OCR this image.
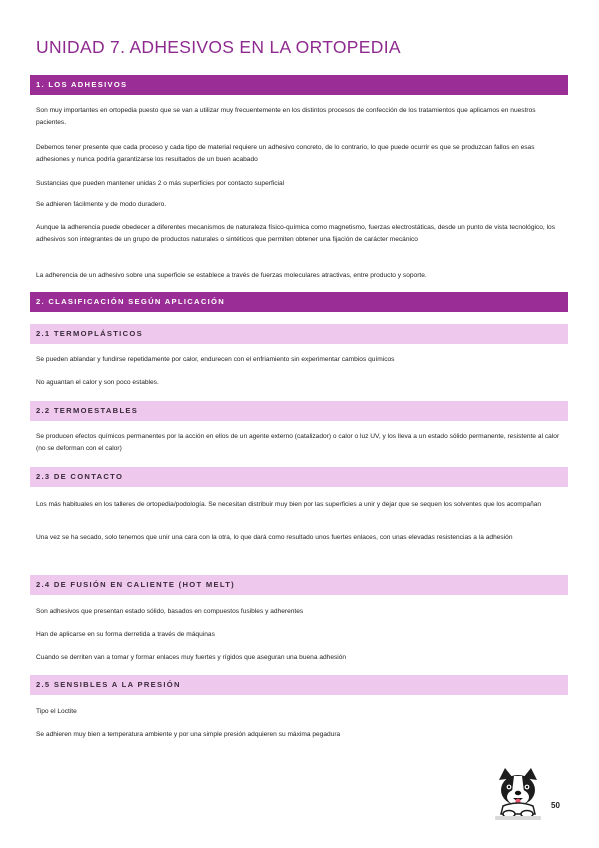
UNIDAD 7. ADHESIVOS EN LA ORTOPEDIA
1. LOS ADHESIVOS
Son muy importantes en ortopedia puesto que se van a utilizar muy frecuentemente en los distintos procesos de confección de los tratamientos que aplicamos en nuestros pacientes.
Debemos tener presente que cada proceso y cada tipo de material requiere un adhesivo concreto, de lo contrario, lo que puede ocurrir es que se produzcan fallos en esas adhesiones y nunca podría garantizarse los resultados de un buen acabado
Sustancias que pueden mantener unidas 2 o más superficies por contacto superficial
Se adhieren fácilmente y de modo duradero.
Aunque la adherencia puede obedecer a diferentes mecanismos de naturaleza físico-química como magnetismo, fuerzas electrostáticas, desde un punto de vista tecnológico, los adhesivos son integrantes de un grupo de productos naturales o sintéticos que permiten obtener una fijación de carácter mecánico
La adherencia de un adhesivo sobre una superficie se establece a través de fuerzas moleculares atractivas, entre producto y soporte.
2. CLASIFICACIÓN SEGÚN APLICACIÓN
2.1 TERMOPLÁSTICOS
Se pueden ablandar y fundirse repetidamente por calor, endurecen con el enfriamiento sin experimentar cambios químicos
No aguantan el calor y son poco estables.
2.2 TERMOESTABLES
Se producen efectos químicos permanentes por la acción en ellos de un agente externo (catalizador) o calor o luz UV, y los lleva a un estado sólido permanente, resistente al calor (no se deforman con el calor)
2.3 DE CONTACTO
Los más habituales en los talleres de ortopedia/podología. Se necesitan distribuir muy bien por las superficies a unir y dejar que se sequen los solventes que los acompañan
Una vez se ha secado, solo tenemos que unir una cara con la otra, lo que dará como resultado unos fuertes enlaces, con unas elevadas resistencias a la adhesión
2.4 DE FUSIÓN EN CALIENTE (HOT MELT)
Son adhesivos que presentan estado sólido, basados en compuestos fusibles y adherentes
Han de aplicarse en su forma derretida a través de máquinas
Cuando se derriten van a tomar y formar enlaces muy fuertes y rígidos que aseguran una buena adhesión
2.5 SENSIBLES A LA PRESIÓN
Tipo el Loctite
Se adhieren muy bien a temperatura ambiente y por una simple presión adquieren su máxima pegadura
50
